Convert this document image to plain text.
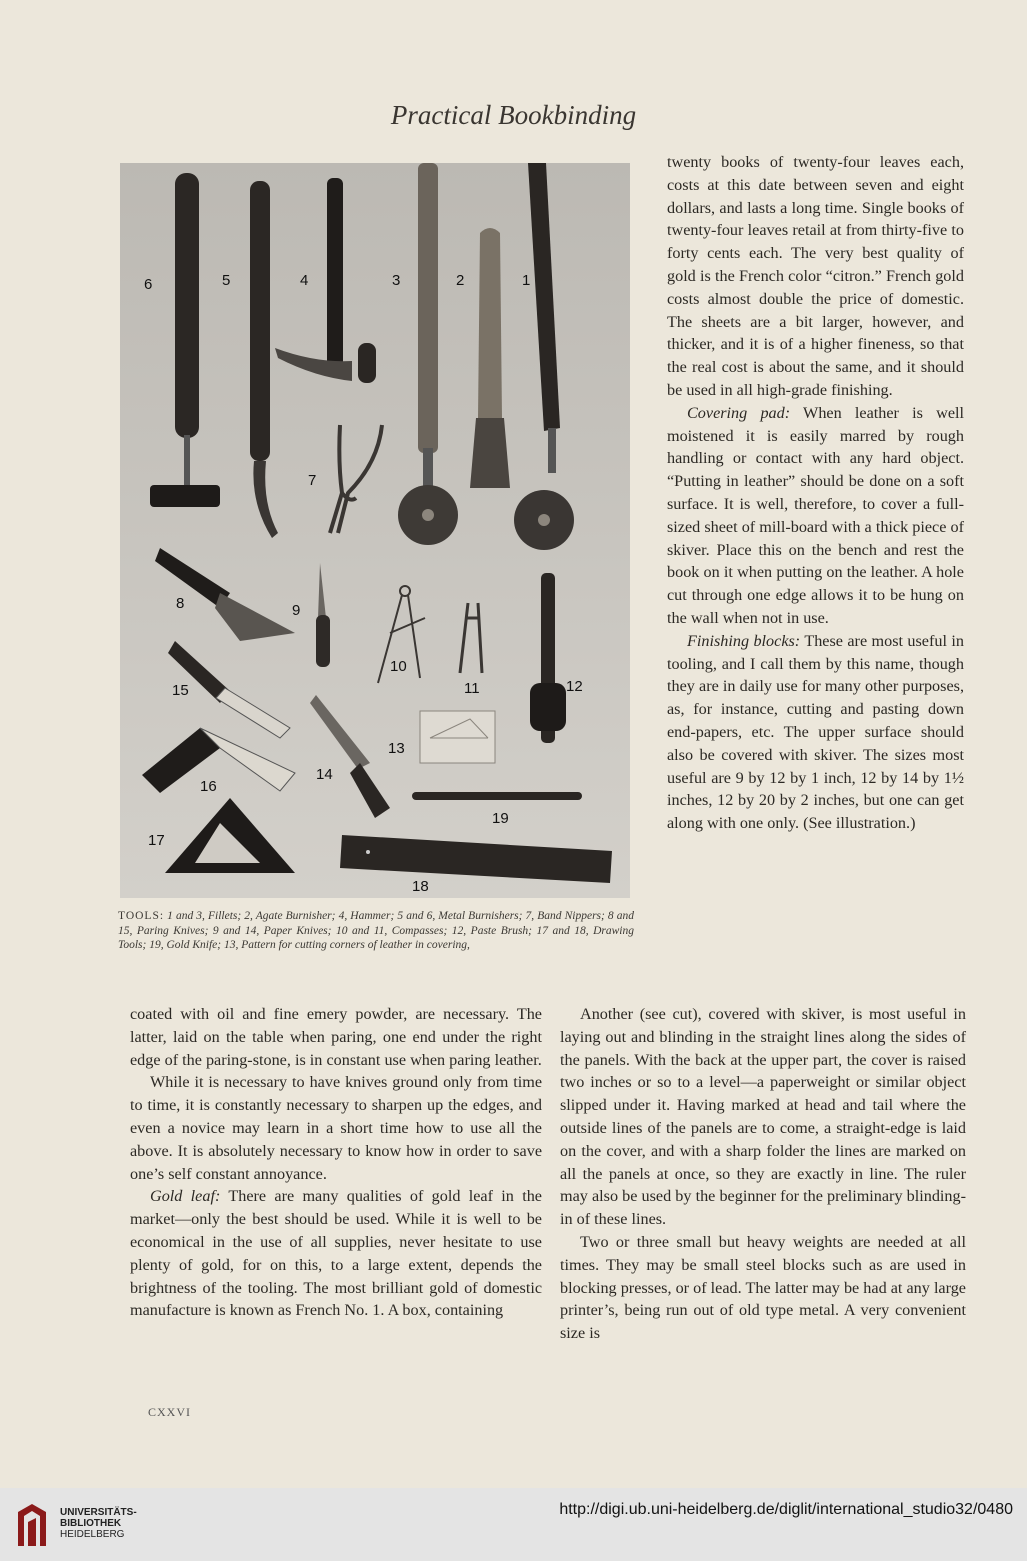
Practical Bookbinding
1
2
3
4
5
6
7
8	9
10
11	12
13
14
15
16
17
18
19
TOOLS: 1 and 3, Fillets; 2, Agate Burnisher; 4, Hammer; 5 and 6, Metal Burnishers; 7, Band Nippers; 8 and 15, Paring Knives; 9 and 14, Paper Knives; 10 and 11, Compasses; 12, Paste Brush; 17 and 18, Drawing Tools; 19, Gold Knife; 13, Pattern for cutting corners of leather in covering,

twenty books of twenty-four leaves each, costs at this date between seven and eight dollars, and lasts a long time. Single books of twenty-four leaves retail at from thirty-five to forty cents each. The very best quality of gold is the French color “citron.” French gold costs almost double the price of domestic. The sheets are a bit larger, however, and thicker, and it is of a higher fineness, so that the real cost is about the same, and it should be used in all high-grade finishing.

Covering pad: When leather is well moistened it is easily marred by rough handling or contact with any hard object. “Putting in leather” should be done on a soft surface. It is well, therefore, to cover a full-sized sheet of mill-board with a thick piece of skiver. Place this on the bench and rest the book on it when putting on the leather. A hole cut through one edge allows it to be hung on the wall when not in use.

Finishing blocks: These are most useful in tooling, and I call them by this name, though they are in daily use for many other purposes, as, for instance, cutting and pasting down end-papers, etc. The upper surface should also be covered with skiver. The sizes most useful are 9 by 12 by 1 inch, 12 by 14 by 1½ inches, 12 by 20 by 2 inches, but one can get along with one only. (See illustration.)

coated with oil and fine emery powder, are necessary. The latter, laid on the table when paring, one end under the right edge of the paring-stone, is in constant use when paring leather.

While it is necessary to have knives ground only from time to time, it is constantly necessary to sharpen up the edges, and even a novice may learn in a short time how to use all the above. It is absolutely necessary to know how in order to save one’s self constant annoyance.

Gold leaf: There are many qualities of gold leaf in the market—only the best should be used. While it is well to be economical in the use of all supplies, never hesitate to use plenty of gold, for on this, to a large extent, depends the brightness of the tooling. The most brilliant gold of domestic manufacture is known as French No. 1. A box, containing

Another (see cut), covered with skiver, is most useful in laying out and blinding in the straight lines along the sides of the panels. With the back at the upper part, the cover is raised two inches or so to a level—a paperweight or similar object slipped under it. Having marked at head and tail where the outside lines of the panels are to come, a straight-edge is laid on the cover, and with a sharp folder the lines are marked on all the panels at once, so they are exactly in line. The ruler may also be used by the beginner for the preliminary blinding-in of these lines.

Two or three small but heavy weights are needed at all times. They may be small steel blocks such as are used in blocking presses, or of lead. The latter may be had at any large printer’s, being run out of old type metal. A very convenient size is

CXXVI
UNIVERSITÄTS-
BIBLIOTHEK
HEIDELBERG
http://digi.ub.uni-heidelberg.de/diglit/international_studio32/0480
